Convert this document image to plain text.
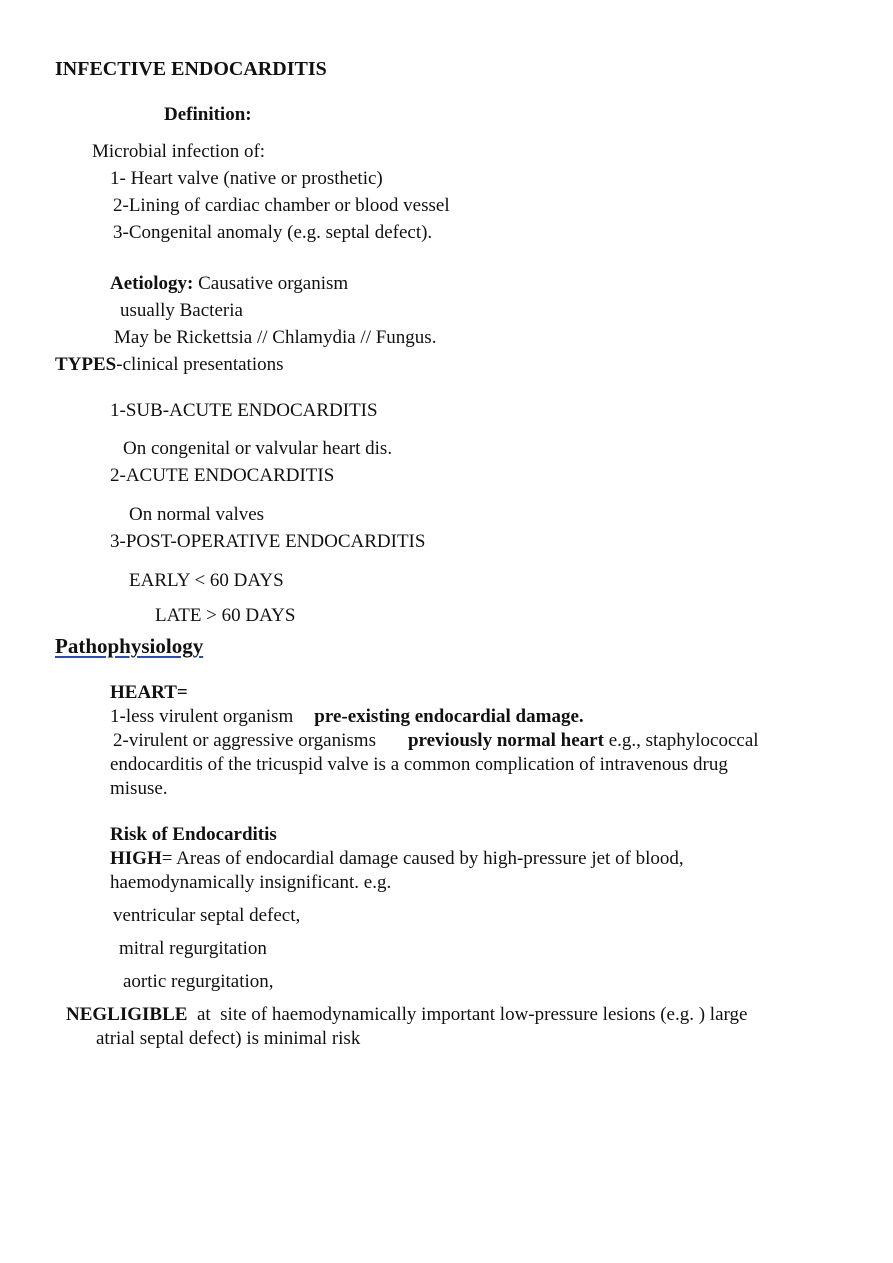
INFECTIVE ENDOCARDITIS
Definition:
Microbial infection of:
1- Heart valve (native or prosthetic)
2-Lining of cardiac chamber or blood vessel
3-Congenital anomaly (e.g. septal defect).
Aetiology: Causative organism
usually Bacteria
May be Rickettsia // Chlamydia // Fungus.
TYPES-clinical presentations
1-SUB-ACUTE ENDOCARDITIS
On congenital or valvular heart dis.
2-ACUTE ENDOCARDITIS
On normal valves
3-POST-OPERATIVE ENDOCARDITIS
EARLY < 60 DAYS
LATE > 60 DAYS
Pathophysiology
HEART=
1-less virulent organism pre-existing endocardial damage.
2-virulent or aggressive organisms previously normal heart e.g., staphylococcal
endocarditis of the tricuspid valve is a common complication of intravenous drug
misuse.
Risk of Endocarditis
HIGH= Areas of endocardial damage caused by high-pressure jet of blood,
haemodynamically insignificant. e.g.
ventricular septal defect,
mitral regurgitation
aortic regurgitation,
NEGLIGIBLE  at  site of haemodynamically important low-pressure lesions (e.g. ) large
atrial septal defect) is minimal risk
